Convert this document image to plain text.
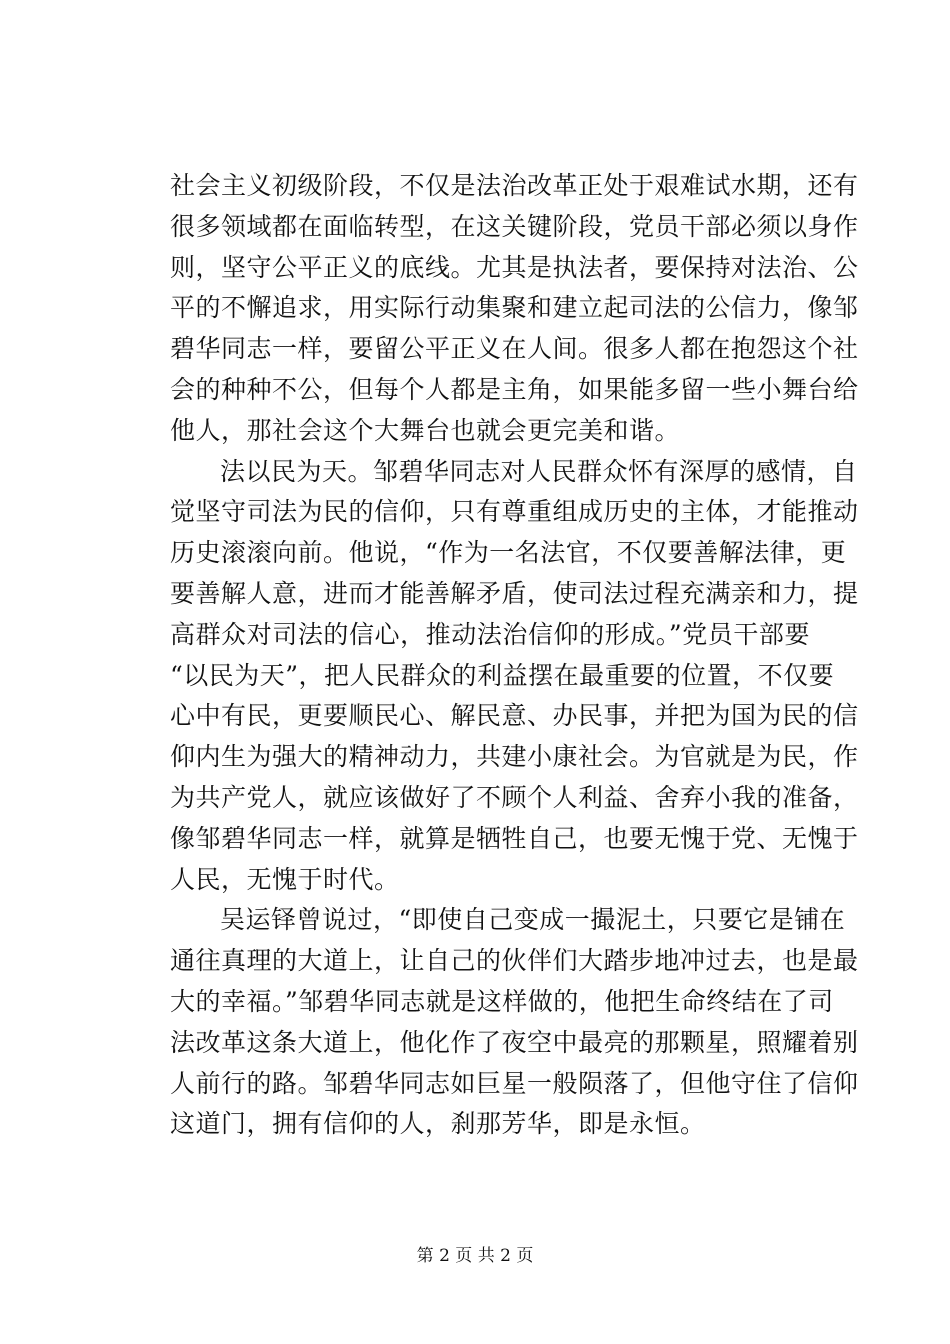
社会主义初级阶段，不仅是法治改革正处于艰难试水期，还有
很多领域都在面临转型，在这关键阶段，党员干部必须以身作
则，坚守公平正义的底线。尤其是执法者，要保持对法治、公
平的不懈追求，用实际行动集聚和建立起司法的公信力，像邹
碧华同志一样，要留公平正义在人间。很多人都在抱怨这个社
会的种种不公，但每个人都是主角，如果能多留一些小舞台给
他人，那社会这个大舞台也就会更完美和谐。
法以民为天。邹碧华同志对人民群众怀有深厚的感情，自
觉坚守司法为民的信仰，只有尊重组成历史的主体，才能推动
历史滚滚向前。他说，“作为一名法官，不仅要善解法律，更
要善解人意，进而才能善解矛盾，使司法过程充满亲和力，提
高群众对司法的信心，推动法治信仰的形成。”党员干部要
“以民为天”，把人民群众的利益摆在最重要的位置，不仅要
心中有民，更要顺民心、解民意、办民事，并把为国为民的信
仰内生为强大的精神动力，共建小康社会。为官就是为民，作
为共产党人，就应该做好了不顾个人利益、舍弃小我的准备，
像邹碧华同志一样，就算是牺牲自己，也要无愧于党、无愧于
人民，无愧于时代。
吴运铎曾说过，“即使自己变成一撮泥土，只要它是铺在
通往真理的大道上，让自己的伙伴们大踏步地冲过去，也是最
大的幸福。”邹碧华同志就是这样做的，他把生命终结在了司
法改革这条大道上，他化作了夜空中最亮的那颗星，照耀着别
人前行的路。邹碧华同志如巨星一般陨落了，但他守住了信仰
这道门，拥有信仰的人，刹那芳华，即是永恒。
第 2 页 共 2 页
